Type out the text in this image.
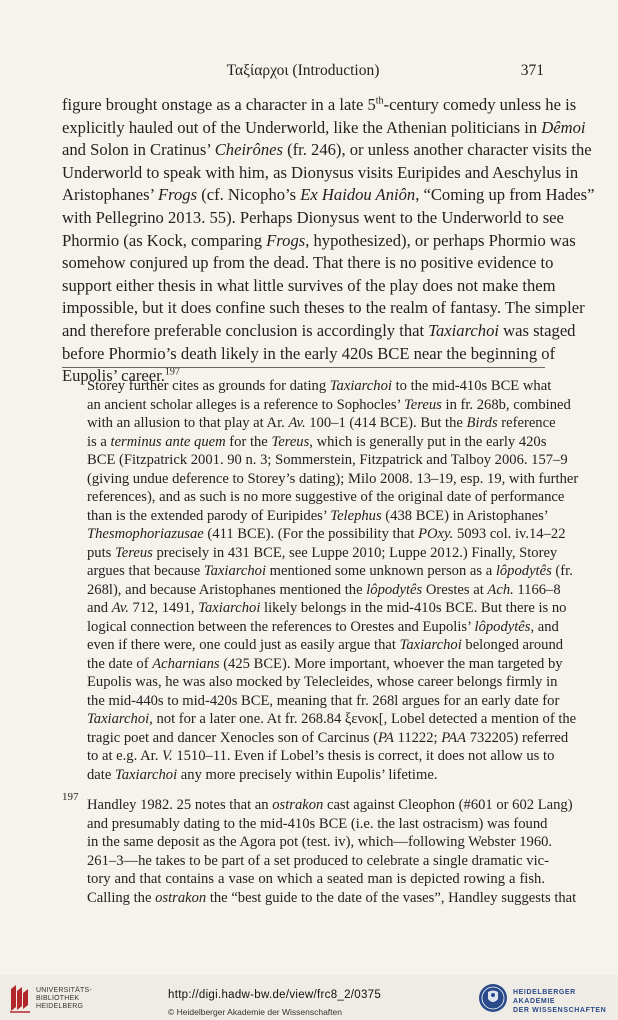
Ταξίαρχοι (Introduction)	371
figure brought onstage as a character in a late 5th-century comedy unless he is
explicitly hauled out of the Underworld, like the Athenian politicians in Dêmoi
and Solon in Cratinus’ Cheirônes (fr. 246), or unless another character visits the
Underworld to speak with him, as Dionysus visits Euripides and Aeschylus in
Aristophanes’ Frogs (cf. Nicopho’s Ex Haidou Aniôn, “Coming up from Hades”
with Pellegrino 2013. 55). Perhaps Dionysus went to the Underworld to see
Phormio (as Kock, comparing Frogs, hypothesized), or perhaps Phormio was
somehow conjured up from the dead. That there is no positive evidence to
support either thesis in what little survives of the play does not make them
impossible, but it does confine such theses to the realm of fantasy. The simpler
and therefore preferable conclusion is accordingly that Taxiarchoi was staged
before Phormio’s death likely in the early 420s BCE near the beginning of
Eupolis’ career.$^{197}$
Storey further cites as grounds for dating Taxiarchoi to the mid-410s BCE what
an ancient scholar alleges is a reference to Sophocles’ Tereus in fr. 268b, combined
with an allusion to that play at Ar. Av. 100–1 (414 BCE). But the Birds reference
is a terminus ante quem for the Tereus, which is generally put in the early 420s
BCE (Fitzpatrick 2001. 90 n. 3; Sommerstein, Fitzpatrick and Talboy 2006. 157–9
(giving undue deference to Storey’s dating); Milo 2008. 13–19, esp. 19, with further
references), and as such is no more suggestive of the original date of performance
than is the extended parody of Euripides’ Telephus (438 BCE) in Aristophanes’
Thesmophoriazusae (411 BCE). (For the possibility that POxy. 5093 col. iv.14–22
puts Tereus precisely in 431 BCE, see Luppe 2010; Luppe 2012.) Finally, Storey
argues that because Taxiarchoi mentioned some unknown person as a lôpodytês (fr.
268l), and because Aristophanes mentioned the lôpodytês Orestes at Ach. 1166–8
and Av. 712, 1491, Taxiarchoi likely belongs in the mid-410s BCE. But there is no
logical connection between the references to Orestes and Eupolis’ lôpodytês, and
even if there were, one could just as easily argue that Taxiarchoi belonged around
the date of Acharnians (425 BCE). More important, whoever the man targeted by
Eupolis was, he was also mocked by Telecleides, whose career belongs firmly in
the mid-440s to mid-420s BCE, meaning that fr. 268l argues for an early date for
Taxiarchoi, not for a later one. At fr. 268.84 ξενοκ[, Lobel detected a mention of the
tragic poet and dancer Xenocles son of Carcinus (PA 11222; PAA 732205) referred
to at e.g. Ar. V. 1510–11. Even if Lobel’s thesis is correct, it does not allow us to
date Taxiarchoi any more precisely within Eupolis’ lifetime.
197 Handley 1982. 25 notes that an ostrakon cast against Cleophon (#601 or 602 Lang)
and presumably dating to the mid-410s BCE (i.e. the last ostracism) was found
in the same deposit as the Agora pot (test. iv), which—following Webster 1960.
261–3—he takes to be part of a set produced to celebrate a single dramatic vic-
tory and that contains a vase on which a seated man is depicted rowing a fish.
Calling the ostrakon the “best guide to the date of the vases”, Handley suggests that
UNIVERSITÄTS-
BIBLIOTHEK
HEIDELBERG
http://digi.hadw-bw.de/view/frc8_2/0375
© Heidelberger Akademie der Wissenschaften
HEIDELBERGER AKADEMIE
DER WISSENSCHAFTEN
